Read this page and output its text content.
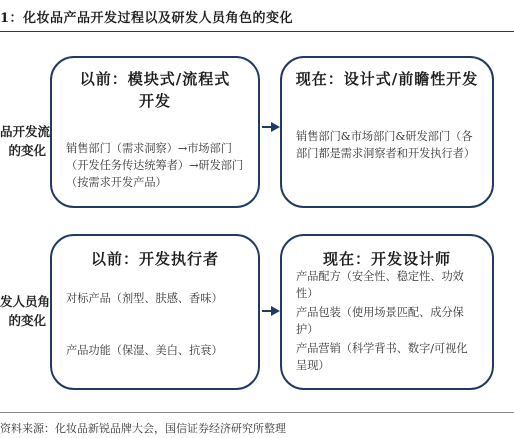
1：化妆品产品开发过程以及研发人员角色的变化
品开发流
的变化
发人员角
的变化
以前：模块式/流程式开发
销售部门（需求洞察）→市场部门（开发任务传达统筹者）→研发部门（按需求开发产品）
现在：设计式/前瞻性开发
销售部门&市场部门&研发部门（各部门都是需求洞察者和开发执行者）
以前：开发执行者
对标产品（剂型、肤感、香味）
产品功能（保湿、美白、抗衰）
现在：开发设计师
产品配方（安全性、稳定性、功效性）
产品包装（使用场景匹配、成分保护）
产品营销（科学背书、数字/可视化呈现）
资料来源：化妆品新锐品牌大会，国信证券经济研究所整理
